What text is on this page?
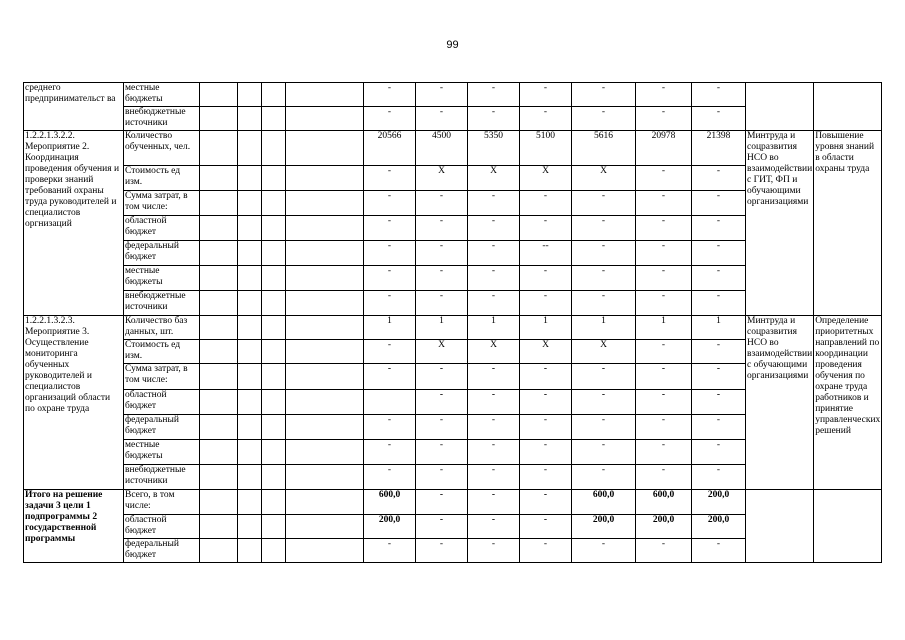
99
среднего предпринимательст ва	местные бюджеты					-	-	-	-	-	-	-		
	внебюджетные источники					-	-	-	-	-	-	-		
1.2.2.1.3.2.2. Мероприятие 2. Координация проведения обучения и проверки знаний требований охраны труда руководителей и специалистов оргнизаций	Количество обученных, чел.					20566	4500	5350	5100	5616	20978	21398	Минтруда и соцразвития НСО во взаимодействии с ГИТ, ФП и обучающими организациями	Повышение уровня знаний в области охраны труда
	Стоимость ед изм.					-	X	X	X	X	-	-		
	Сумма затрат, в том числе:					-	-	-	-	-	-	-		
	областной бюджет					-	-	-	-	-	-	-		
	федеральный бюджет					-	-	-	--	-	-	-		
	местные бюджеты					-	-	-	-	-	-	-		
	внебюджетные источники					-	-	-	-	-	-	-		
1.2.2.1.3.2.3. Мероприятие 3. Осуществление мониторинга обученных руководителей и специалистов организаций области по охране труда	Количество баз данных, шт.					1	1	1	1	1	1	1	Минтруда и соцразвития НСО во взаимодействии с обучающими организациями	Определение приоритетных направлений по координации проведения обучения по охране труда работников и принятие управленческих решений
	Стоимость ед изм.					-	X	X	X	X	-	-		
	Сумма затрат, в том числе:					-	-	-	-	-	-	-		
	областной бюджет						-	-	-	-	-	-		
	федеральный бюджет					-	-	-	-	-	-	-		
	местные бюджеты					-	-	-	-	-	-	-		
	внебюджетные источники					-	-	-	-	-	-	-		
Итого на решение задачи 3 цели 1 подпрограммы 2 государственной программы	Всего, в том числе:					600,0	-	-	-	600,0	600,0	200,0		
	областной бюджет					200,0	-	-	-	200,0	200,0	200,0		
	федеральный бюджет					-	-	-	-	-	-	-		
